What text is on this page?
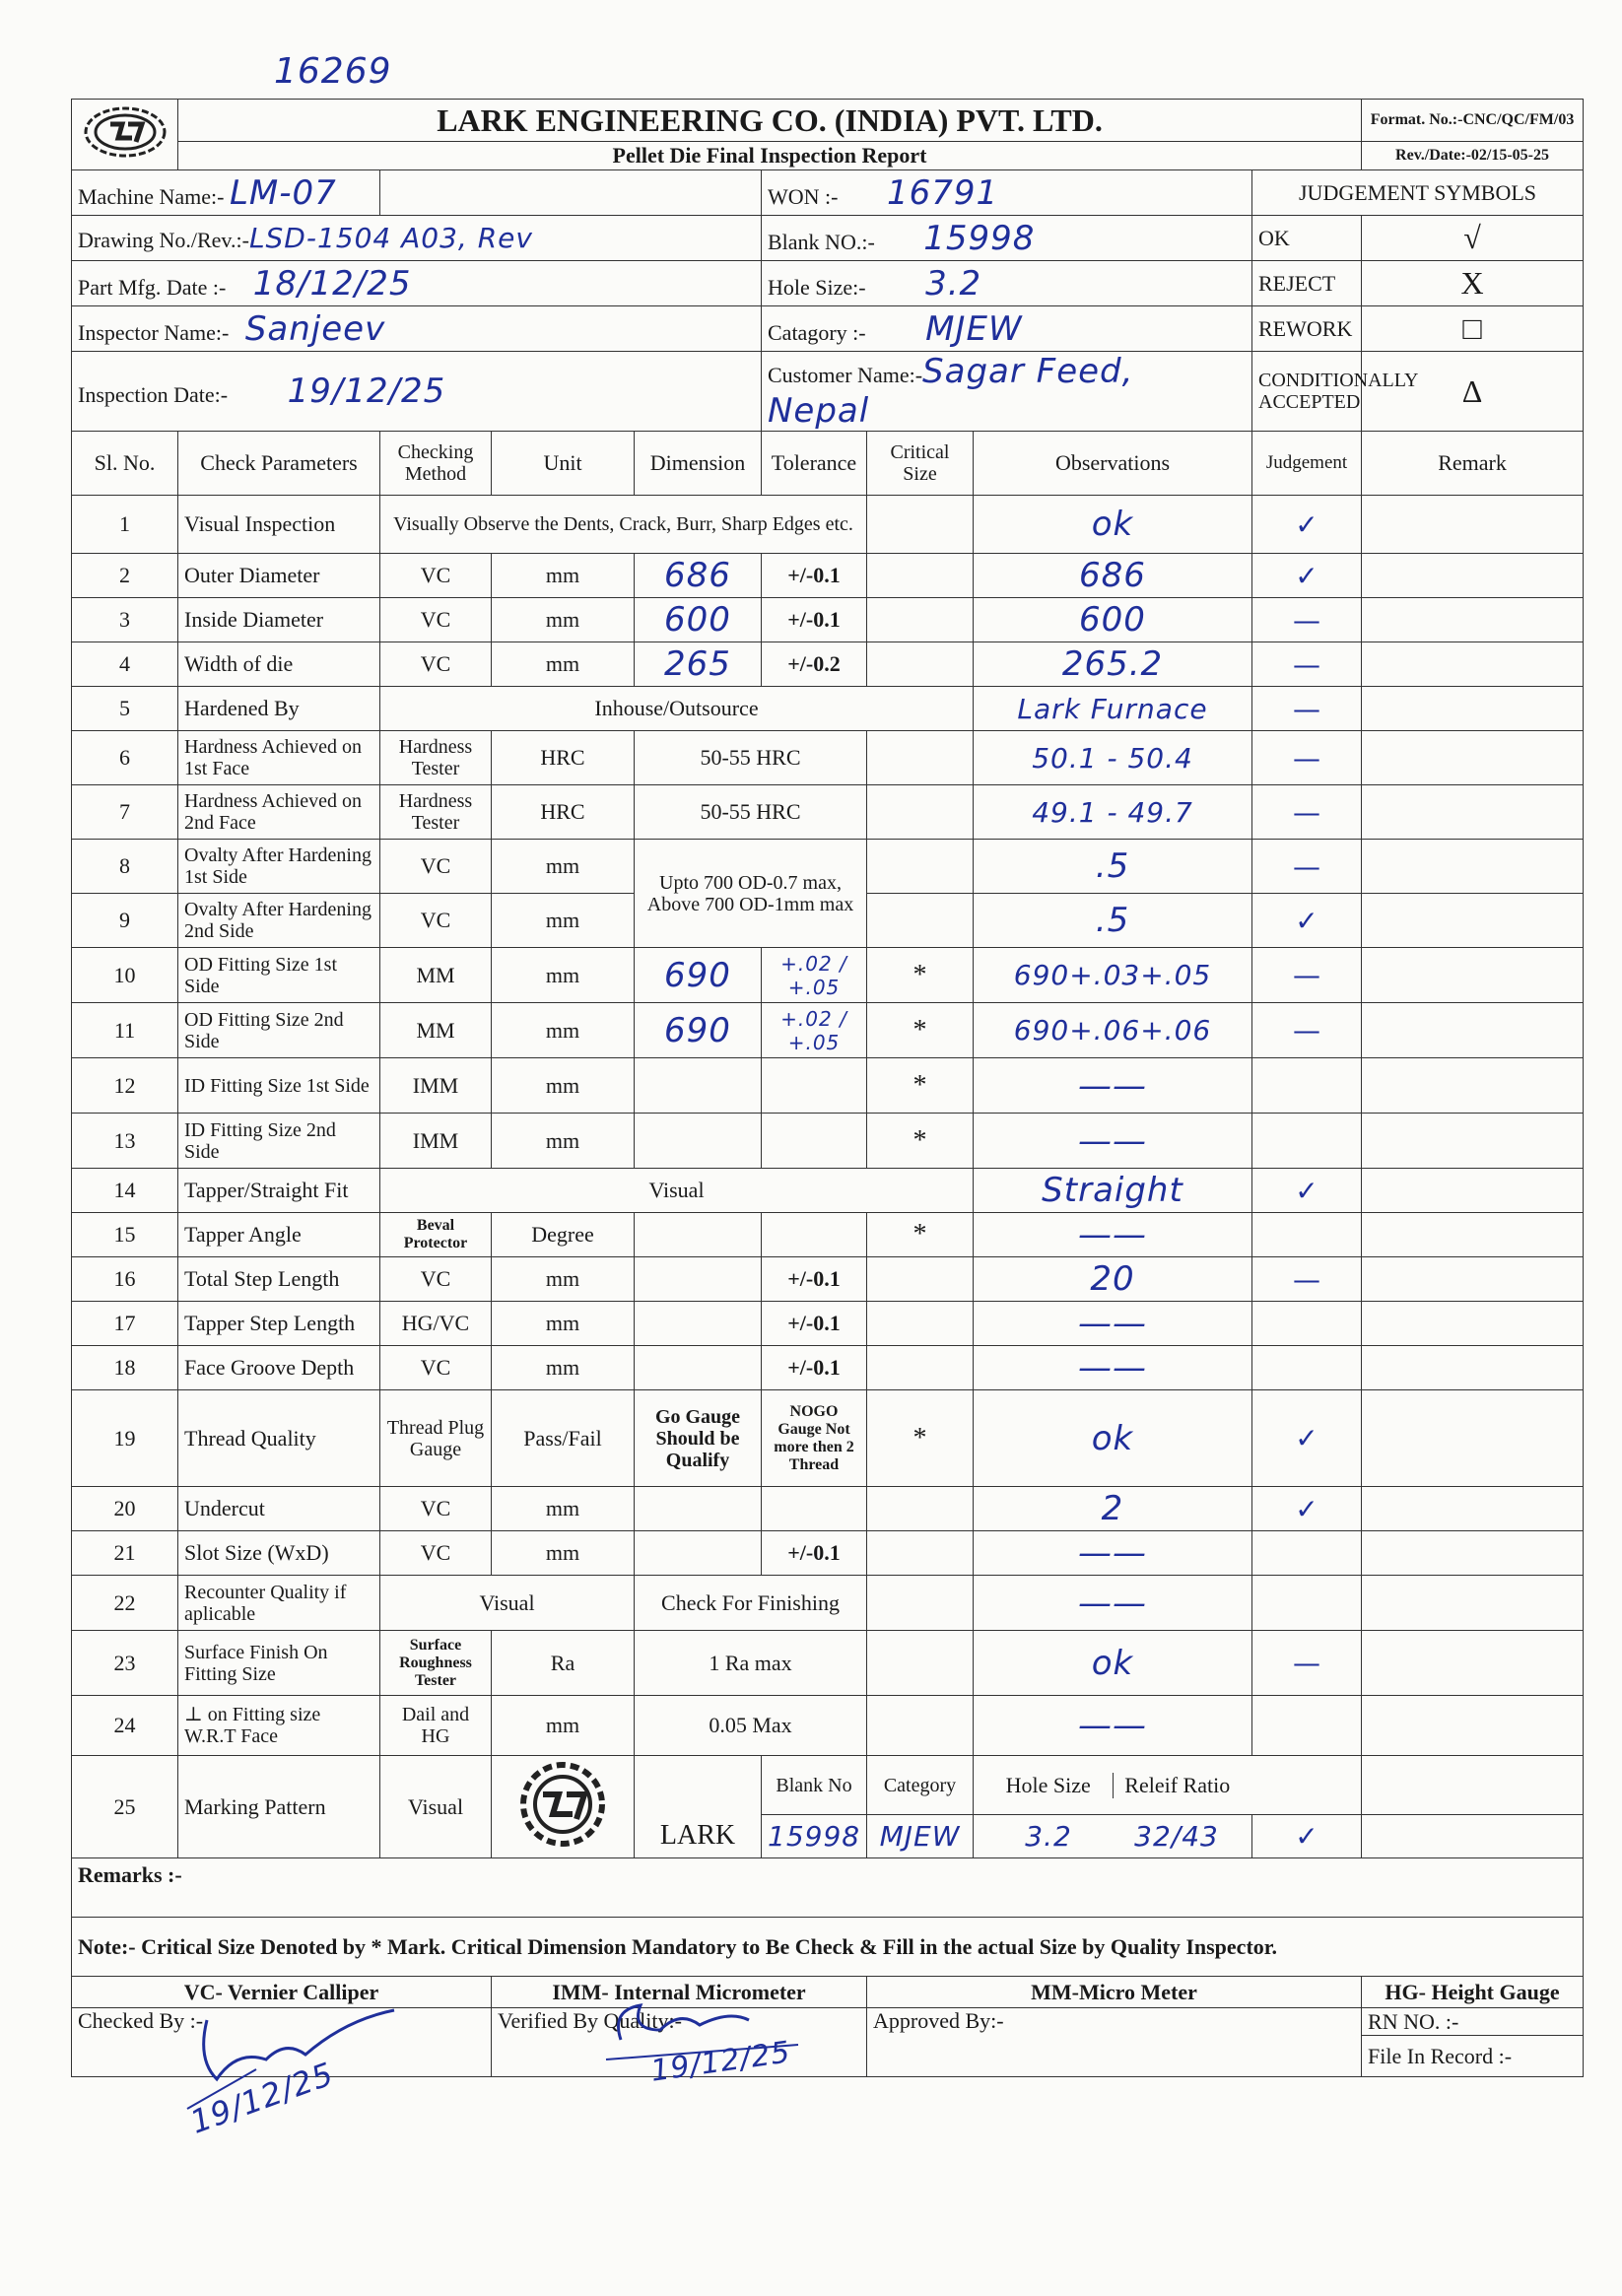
16269
	LARK ENGINEERING CO. (INDIA) PVT. LTD.								Format. No.:-CNC/QC/FM/03
	Pellet Die Final Inspection Report								Rev./Date:-02/15-05-25
Machine Name:- LM-07					WON :- 16791			JUDGEMENT SYMBOLS	
Drawing No./Rev.:-LSD-1504 A03, Rev					Blank NO.:- 15998			OK	√
Part Mfg. Date :- 18/12/25					Hole Size:- 3.2			REJECT	X
Inspector Name:- Sanjeev					Catagory :- MJEW			REWORK	□
Inspection Date:- 19/12/25					Customer Name:-Sagar Feed, Nepal			CONDITIONALLY ACCEPTED	Δ
Sl. No.	Check Parameters	Checking Method	Unit	Dimension	Tolerance	Critical Size	Observations	Judgement	Remark
1	Visual Inspection	Visually Observe the Dents, Crack, Burr, Sharp Edges etc.					ok	✓	
2	Outer Diameter	VC	mm	686	+/-0.1		686	✓	
3	Inside Diameter	VC	mm	600	+/-0.1		600	—	
4	Width of die	VC	mm	265	+/-0.2		265.2	—	
5	Hardened By	Inhouse/Outsource					Lark Furnace	—	
6	Hardness Achieved on 1st Face	Hardness Tester	HRC	50-55 HRC			50.1 - 50.4	—	
7	Hardness Achieved on 2nd Face	Hardness Tester	HRC	50-55 HRC			49.1 - 49.7	—	
8	Ovalty After Hardening 1st Side	VC	mm	Upto 700 OD-0.7 max, Above 700 OD-1mm max			.5	—	
9	Ovalty After Hardening 2nd Side	VC	mm				.5	✓	
10	OD Fitting Size 1st Side	MM	mm	690	+.02 / +.05	*	690+.03+.05	—	
11	OD Fitting Size 2nd Side	MM	mm	690	+.02 / +.05	*	690+.06+.06	—	
12	ID Fitting Size 1st Side	IMM	mm			*	——		
13	ID Fitting Size 2nd Side	IMM	mm			*	——		
14	Tapper/Straight Fit	Visual					Straight	✓	
15	Tapper Angle	Beval Protector	Degree			*	——		
16	Total Step Length	VC	mm		+/-0.1		20	—	
17	Tapper Step Length	HG/VC	mm		+/-0.1		——		
18	Face Groove Depth	VC	mm		+/-0.1		——		
19	Thread Quality	Thread Plug Gauge	Pass/Fail	Go Gauge Should be Qualify	NOGO Gauge Not more then 2 Thread	*	ok	✓	
20	Undercut	VC	mm				2	✓	
21	Slot Size (WxD)	VC	mm		+/-0.1		——		
22	Recounter Quality if aplicable	Visual		Check For Finishing			——		
23	Surface Finish On Fitting Size	Surface Roughness Tester	Ra	1 Ra max			ok	—	
24	⊥ on Fitting size W.R.T Face	Dail and HG	mm	0.05 Max			——		
25	Marking Pattern	Visual		LARK	Blank No	Category	Hole Size Releif Ratio		
					15998	MJEW	3.2 32/43	✓	
Remarks :-									
Note:- Critical Size Denoted by * Mark. Critical Dimension Mandatory to Be Check & Fill in the actual Size by Quality Inspector.									
VC- Vernier Calliper			IMM- Internal Micrometer			MM-Micro Meter			HG- Height Gauge
Checked By :-			Verified By Quality:-			Approved By:-			RN NO. :-
									File In Record :-
19/12/25	19/12/25
